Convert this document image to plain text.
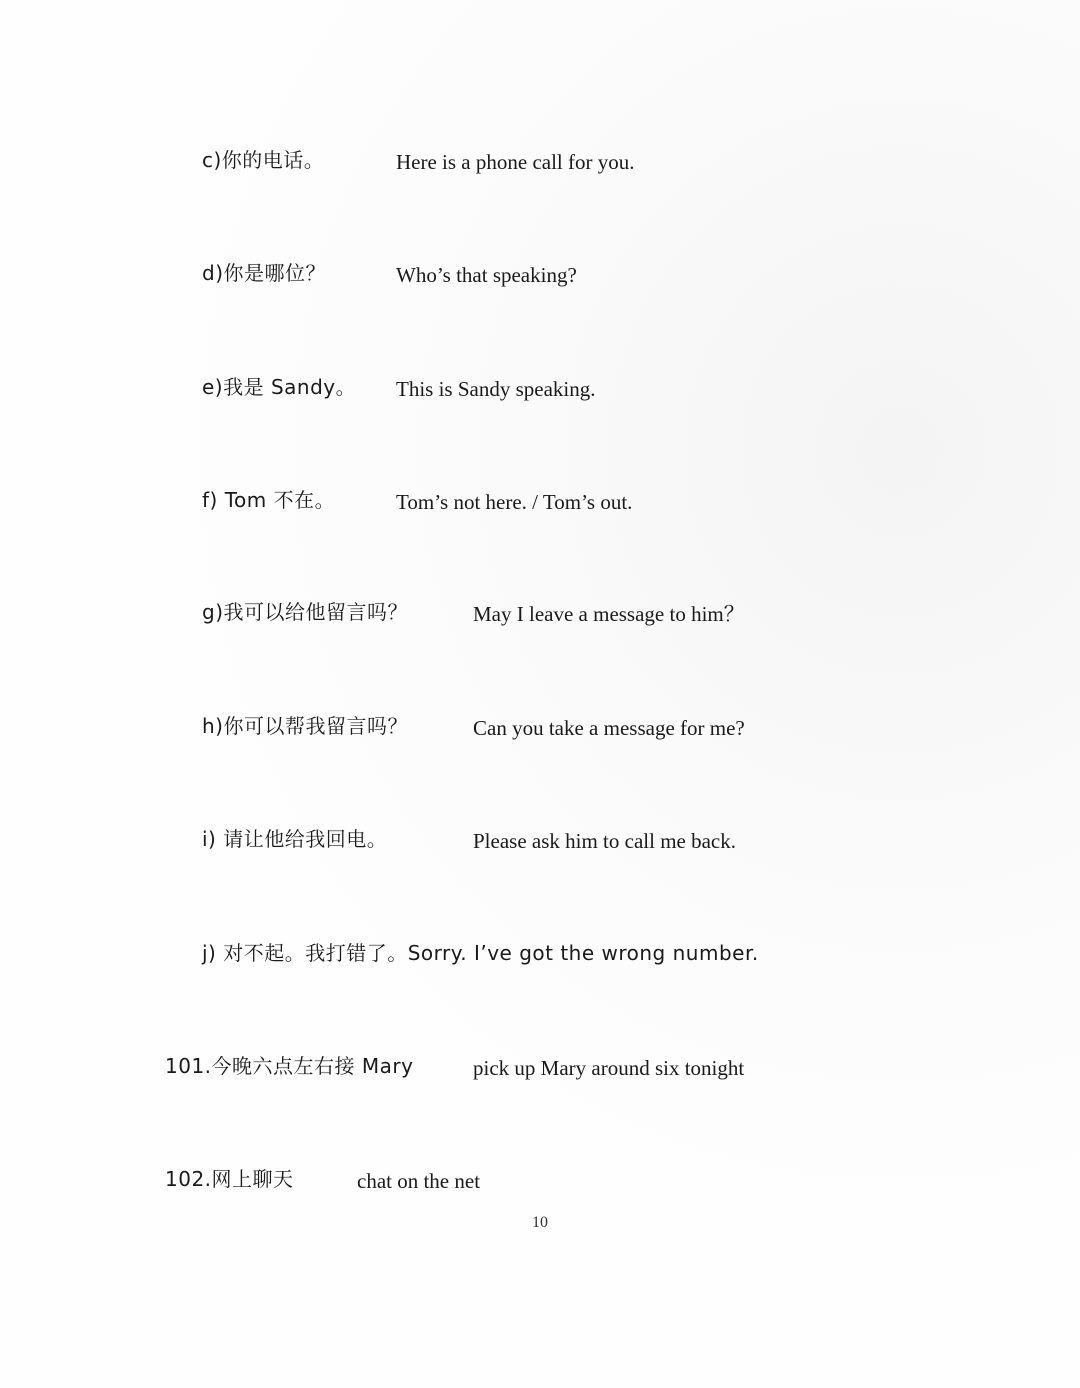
c)你的电话。	Here is a phone call for you.
d)你是哪位？	Who’s that speaking?
e)我是 Sandy。 This is Sandy speaking.
f) Tom 不在。	Tom’s not here. / Tom’s out.
g)我可以给他留言吗？	May I leave a message to him？
h)你可以帮我留言吗？	Can you take a message for me?
i) 请让他给我回电。	Please ask him to call me back.
j) 对不起。我打错了。Sorry. I’ve got the wrong number.
101.今晚六点左右接 Mary	pick up Mary around six tonight
102.网上聊天	chat on the net
10
